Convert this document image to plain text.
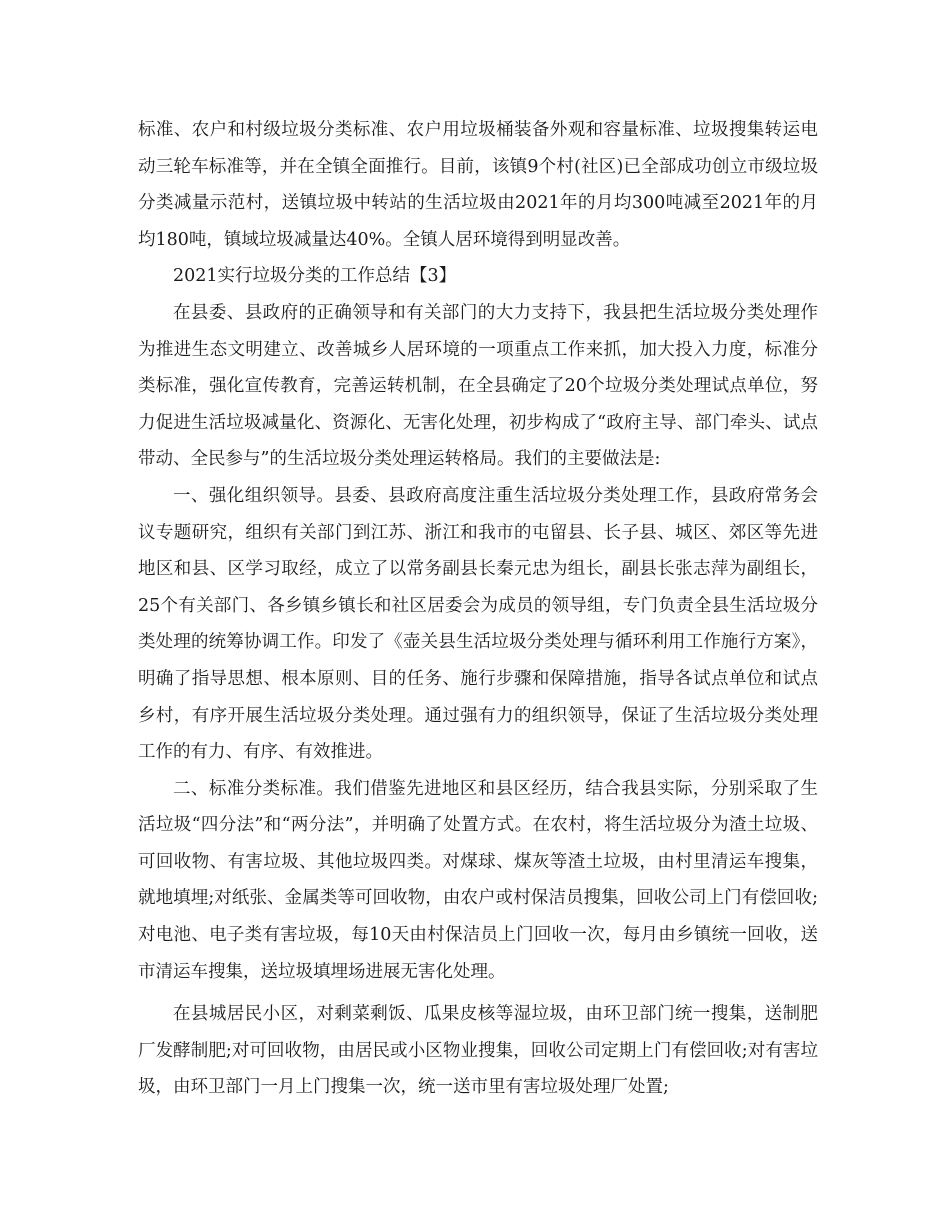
标准、农户和村级垃圾分类标准、农户用垃圾桶装备外观和容量标准、垃圾搜集转运电动三轮车标准等，并在全镇全面推行。目前，该镇9个村(社区)已全部成功创立市级垃圾分类减量示范村，送镇垃圾中转站的生活垃圾由2021年的月均300吨减至2021年的月均180吨，镇域垃圾减量达40%。全镇人居环境得到明显改善。

2021实行垃圾分类的工作总结【3】

在县委、县政府的正确领导和有关部门的大力支持下，我县把生活垃圾分类处理作为推进生态文明建立、改善城乡人居环境的一项重点工作来抓，加大投入力度，标准分类标准，强化宣传教育，完善运转机制，在全县确定了20个垃圾分类处理试点单位，努力促进生活垃圾减量化、资源化、无害化处理，初步构成了“政府主导、部门牵头、试点带动、全民参与”的生活垃圾分类处理运转格局。我们的主要做法是:

一、强化组织领导。县委、县政府高度注重生活垃圾分类处理工作，县政府常务会议专题研究，组织有关部门到江苏、浙江和我市的屯留县、长子县、城区、郊区等先进地区和县、区学习取经，成立了以常务副县长秦元忠为组长，副县长张志萍为副组长，25个有关部门、各乡镇乡镇长和社区居委会为成员的领导组，专门负责全县生活垃圾分类处理的统筹协调工作。印发了《壶关县生活垃圾分类处理与循环利用工作施行方案》，明确了指导思想、根本原则、目的任务、施行步骤和保障措施，指导各试点单位和试点乡村，有序开展生活垃圾分类处理。通过强有力的组织领导，保证了生活垃圾分类处理工作的有力、有序、有效推进。

二、标准分类标准。我们借鉴先进地区和县区经历，结合我县实际，分别采取了生活垃圾“四分法”和“两分法”，并明确了处置方式。在农村，将生活垃圾分为渣土垃圾、可回收物、有害垃圾、其他垃圾四类。对煤球、煤灰等渣土垃圾，由村里清运车搜集，就地填埋;对纸张、金属类等可回收物，由农户或村保洁员搜集，回收公司上门有偿回收;对电池、电子类有害垃圾，每10天由村保洁员上门回收一次，每月由乡镇统一回收，送市清运车搜集，送垃圾填埋场进展无害化处理。

在县城居民小区，对剩菜剩饭、瓜果皮核等湿垃圾，由环卫部门统一搜集，送制肥厂发酵制肥;对可回收物，由居民或小区物业搜集，回收公司定期上门有偿回收;对有害垃圾，由环卫部门一月上门搜集一次，统一送市里有害垃圾处理厂处置;
